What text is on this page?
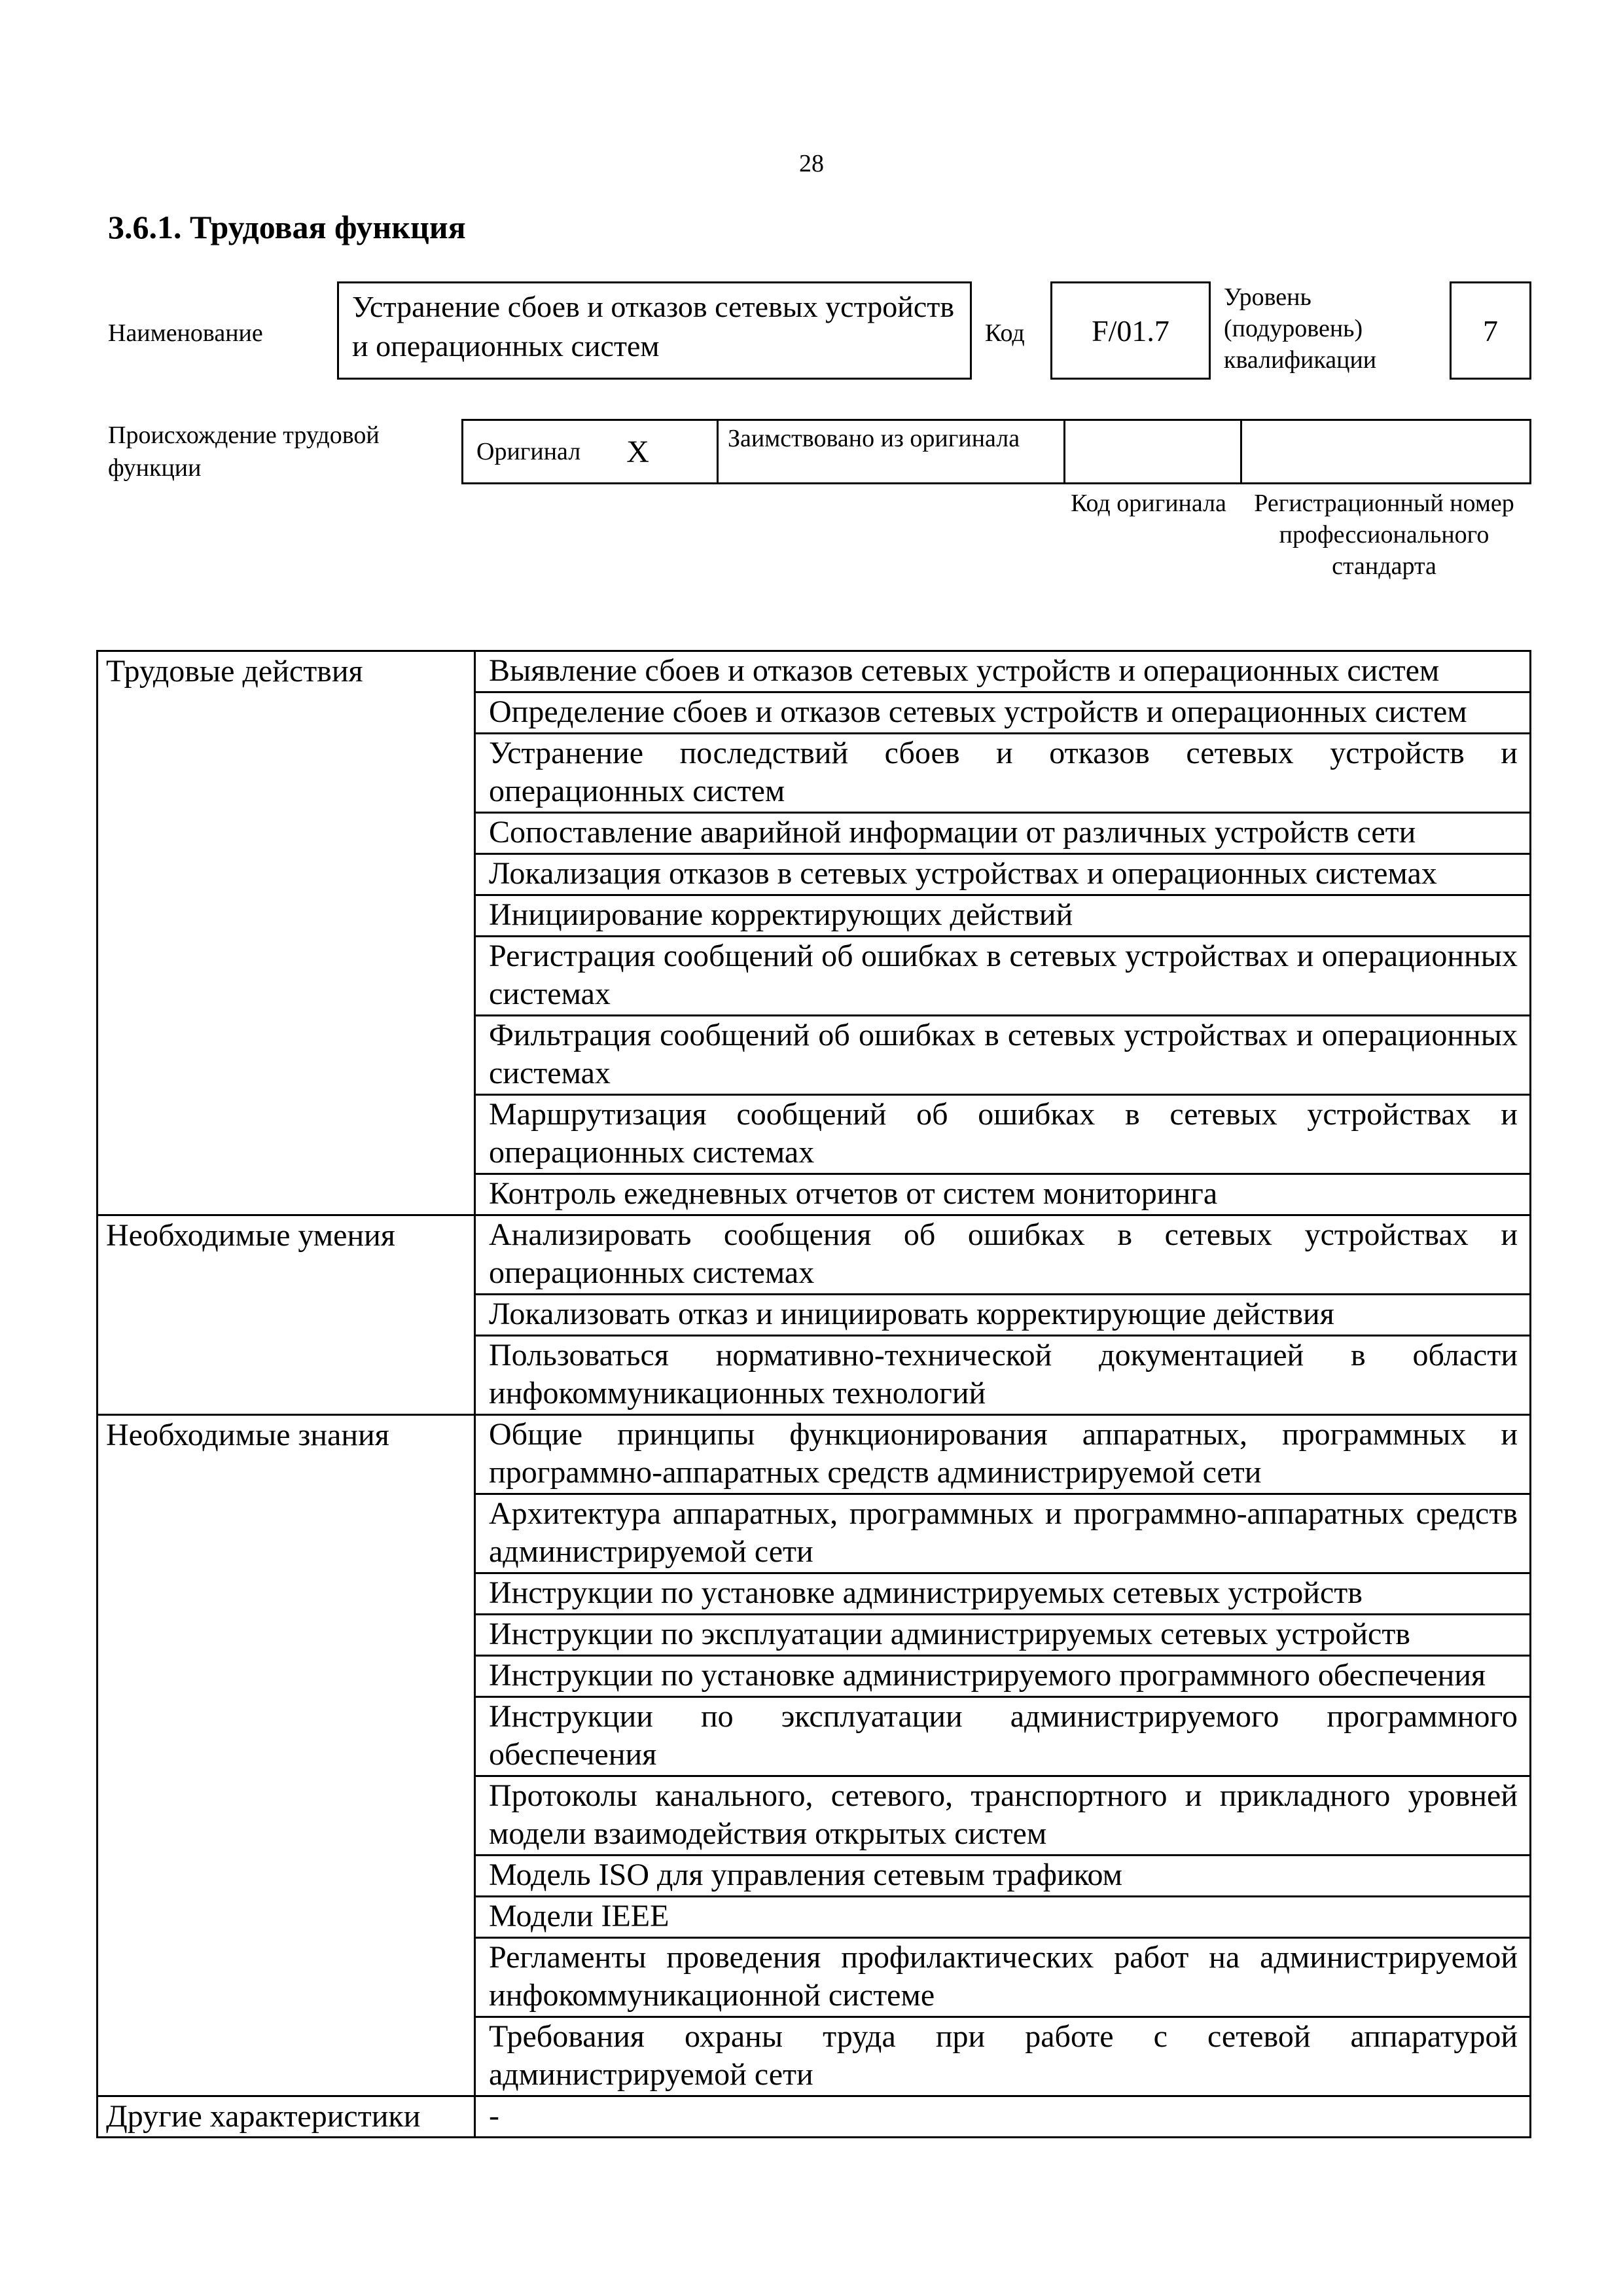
28
3.6.1. Трудовая функция
Наименование
Устранение сбоев и отказов сетевых устройств и операционных систем	Код	F/01.7
Уровень (подуровень) квалификации
7
Происхождение трудовой функции
Оригинал X	Заимствовано из оригинала
Код оригинала	Регистрационный номер профессионального стандарта
Трудовые действия	Выявление сбоев и отказов сетевых устройств и операционных систем
	Определение сбоев и отказов сетевых устройств и операционных систем
	Устранение последствий сбоев и отказов сетевых устройств и операционных систем
	Сопоставление аварийной информации от различных устройств сети
	Локализация отказов в сетевых устройствах и операционных системах
	Инициирование корректирующих действий
	Регистрация сообщений об ошибках в сетевых устройствах и операционных системах
	Фильтрация сообщений об ошибках в сетевых устройствах и операционных системах
	Маршрутизация сообщений об ошибках в сетевых устройствах и операционных системах
	Контроль ежедневных отчетов от систем мониторинга
Необходимые умения	Анализировать сообщения об ошибках в сетевых устройствах и операционных системах
	Локализовать отказ и инициировать корректирующие действия
	Пользоваться нормативно-технической документацией в области инфокоммуникационных технологий
Необходимые знания	Общие принципы функционирования аппаратных, программных и программно-аппаратных средств администрируемой сети
	Архитектура аппаратных, программных и программно-аппаратных средств администрируемой сети
	Инструкции по установке администрируемых сетевых устройств
	Инструкции по эксплуатации администрируемых сетевых устройств
	Инструкции по установке администрируемого программного обеспечения
	Инструкции по эксплуатации администрируемого программного обеспечения
	Протоколы канального, сетевого, транспортного и прикладного уровней модели взаимодействия открытых систем
	Модель ISO для управления сетевым трафиком
	Модели IEEE
	Регламенты проведения профилактических работ на администрируемой инфокоммуникационной системе
	Требования охраны труда при работе с сетевой аппаратурой администрируемой сети
Другие характеристики	-
